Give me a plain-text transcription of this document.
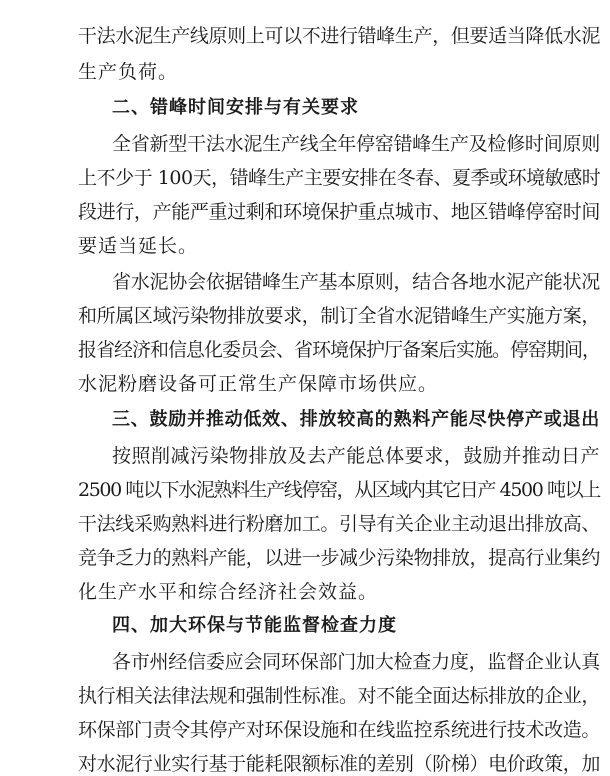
干法水泥生产线原则上可以不进行错峰生产，但要适当降低水泥
生产负荷。
二、错峰时间安排与有关要求
全省新型干法水泥生产线全年停窑错峰生产及检修时间原则
上不少于 100天，错峰生产主要安排在冬春、夏季或环境敏感时
段进行，产能严重过剩和环境保护重点城市、地区错峰停窑时间
要适当延长。
省水泥协会依据错峰生产基本原则，结合各地水泥产能状况
和所属区域污染物排放要求，制订全省水泥错峰生产实施方案，
报省经济和信息化委员会、省环境保护厅备案后实施。停窑期间，
水泥粉磨设备可正常生产保障市场供应。
三、鼓励并推动低效、排放较高的熟料产能尽快停产或退出
按照削减污染物排放及去产能总体要求，鼓励并推动日产
2500 吨以下水泥熟料生产线停窑，从区域内其它日产 4500 吨以上
干法线采购熟料进行粉磨加工。引导有关企业主动退出排放高、
竞争乏力的熟料产能，以进一步减少污染物排放，提高行业集约
化生产水平和综合经济社会效益。
四、加大环保与节能监督检查力度
各市州经信委应会同环保部门加大检查力度，监督企业认真
执行相关法律法规和强制性标准。对不能全面达标排放的企业，
环保部门责令其停产对环保设施和在线监控系统进行技术改造。
对水泥行业实行基于能耗限额标准的差别（阶梯）电价政策，加
